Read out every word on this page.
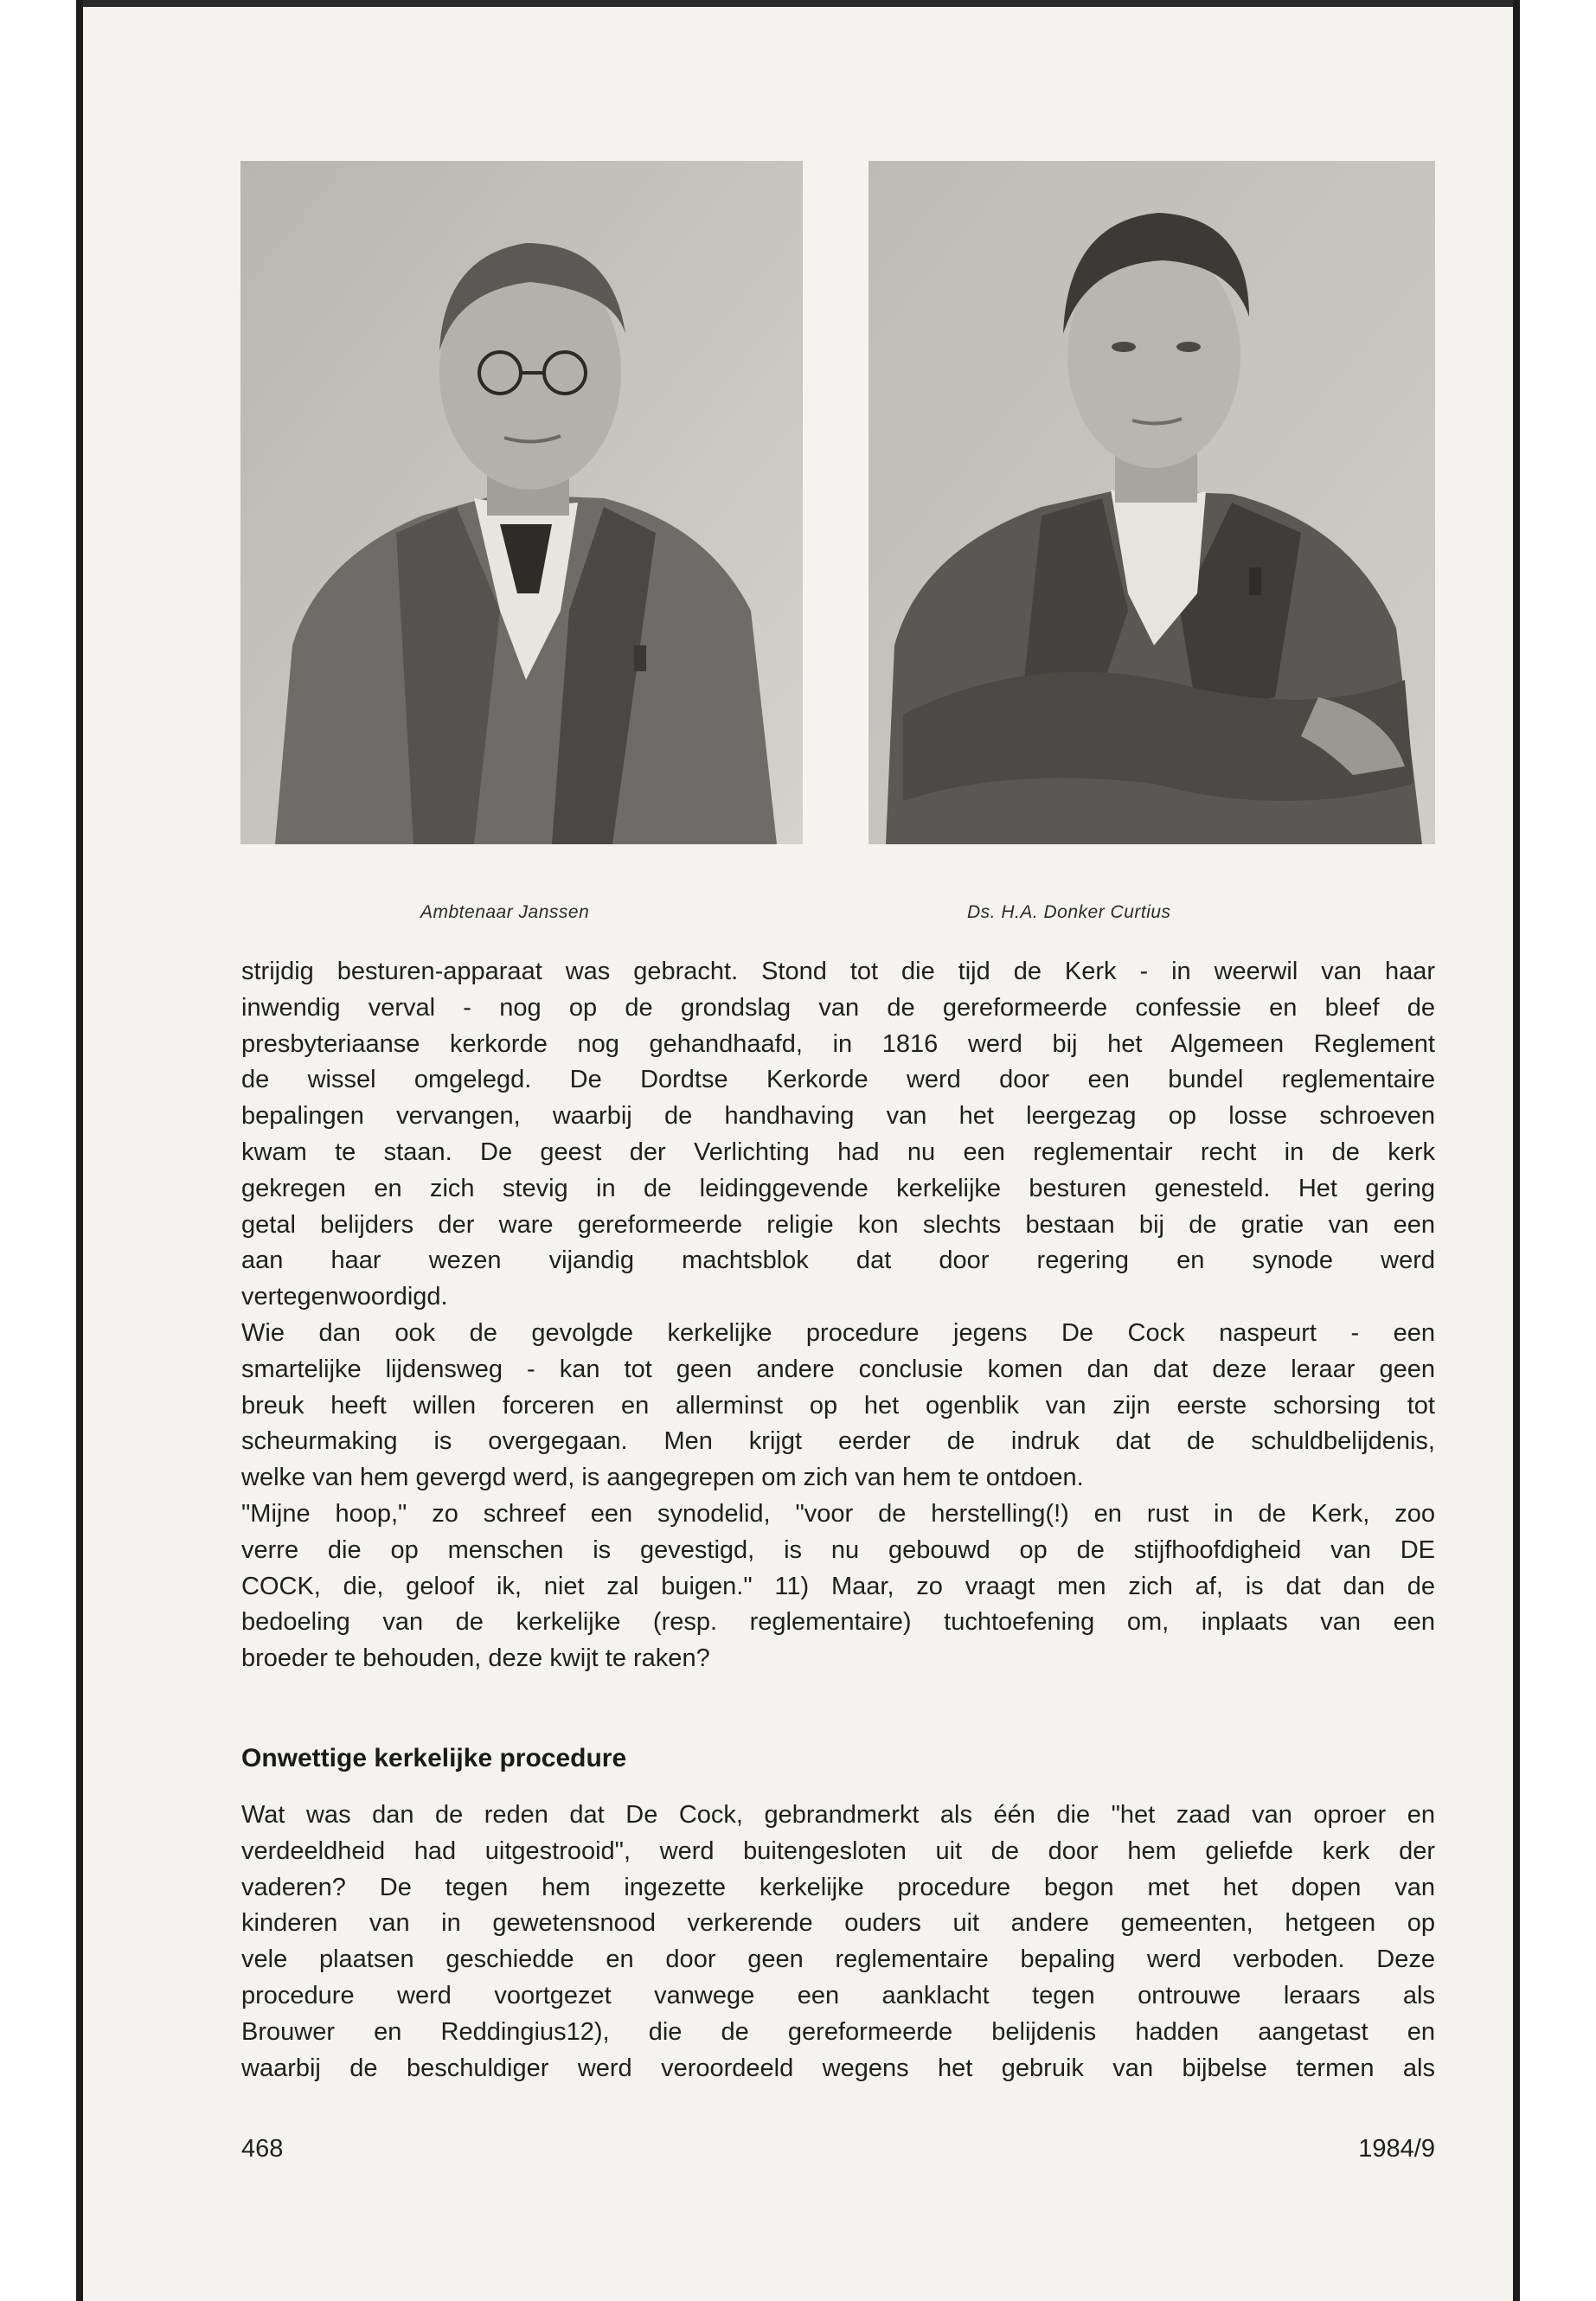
Ambtenaar Janssen	Ds. H.A. Donker Curtius
strijdig besturen-apparaat was gebracht. Stond tot die tijd de Kerk - in weerwil van haar
inwendig verval - nog op de grondslag van de gereformeerde confessie en bleef de
presbyteriaanse kerkorde nog gehandhaafd, in 1816 werd bij het Algemeen Reglement
de wissel omgelegd. De Dordtse Kerkorde werd door een bundel reglementaire
bepalingen vervangen, waarbij de handhaving van het leergezag op losse schroeven
kwam te staan. De geest der Verlichting had nu een reglementair recht in de kerk
gekregen en zich stevig in de leidinggevende kerkelijke besturen genesteld. Het gering
getal belijders der ware gereformeerde religie kon slechts bestaan bij de gratie van een
aan haar wezen vijandig machtsblok dat door regering en synode werd
vertegenwoordigd.
Wie dan ook de gevolgde kerkelijke procedure jegens De Cock naspeurt - een
smartelijke lijdensweg - kan tot geen andere conclusie komen dan dat deze leraar geen
breuk heeft willen forceren en allerminst op het ogenblik van zijn eerste schorsing tot
scheurmaking is overgegaan. Men krijgt eerder de indruk dat de schuldbelijdenis,
welke van hem gevergd werd, is aangegrepen om zich van hem te ontdoen.
"Mijne hoop," zo schreef een synodelid, "voor de herstelling(!) en rust in de Kerk, zoo
verre die op menschen is gevestigd, is nu gebouwd op de stijfhoofdigheid van DE
COCK, die, geloof ik, niet zal buigen." 11) Maar, zo vraagt men zich af, is dat dan de
bedoeling van de kerkelijke (resp. reglementaire) tuchtoefening om, inplaats van een
broeder te behouden, deze kwijt te raken?
Onwettige kerkelijke procedure
Wat was dan de reden dat De Cock, gebrandmerkt als één die "het zaad van oproer en
verdeeldheid had uitgestrooid", werd buitengesloten uit de door hem geliefde kerk der
vaderen? De tegen hem ingezette kerkelijke procedure begon met het dopen van
kinderen van in gewetensnood verkerende ouders uit andere gemeenten, hetgeen op
vele plaatsen geschiedde en door geen reglementaire bepaling werd verboden. Deze
procedure werd voortgezet vanwege een aanklacht tegen ontrouwe leraars als
Brouwer en Reddingius12), die de gereformeerde belijdenis hadden aangetast en
waarbij de beschuldiger werd veroordeeld wegens het gebruik van bijbelse termen als
468	1984/9
